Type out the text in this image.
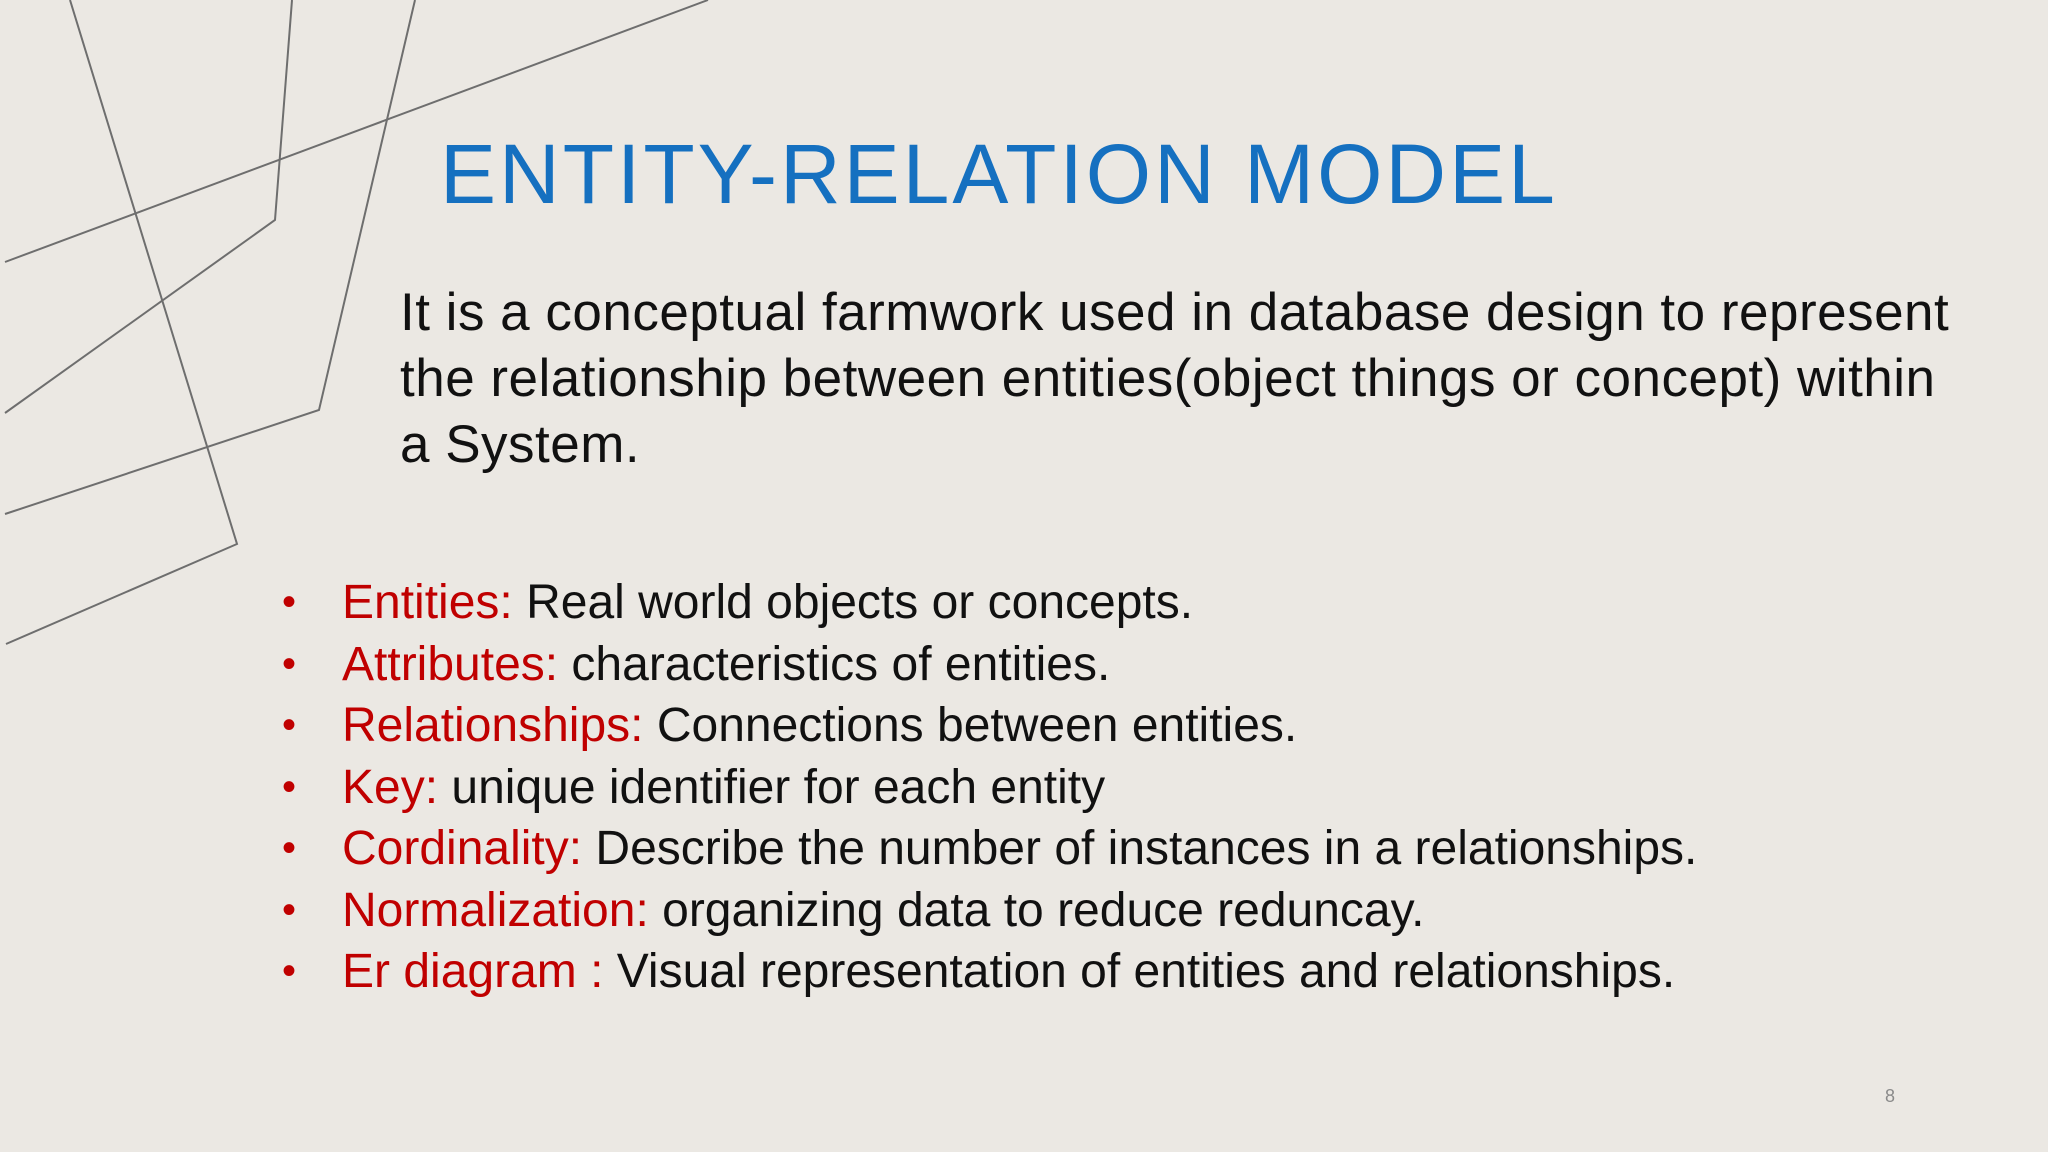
ENTITY-RELATION MODEL

It is a conceptual farmwork used in database design to represent the relationship between entities(object things or concept) within a System.

• Entities: Real world objects or concepts.
• Attributes: characteristics of entities.
• Relationships: Connections between entities.
• Key: unique identifier for each entity
• Cordinality: Describe the number of instances in a relationships.
• Normalization: organizing data to reduce reduncay.
• Er diagram : Visual representation of entities and relationships.
8
